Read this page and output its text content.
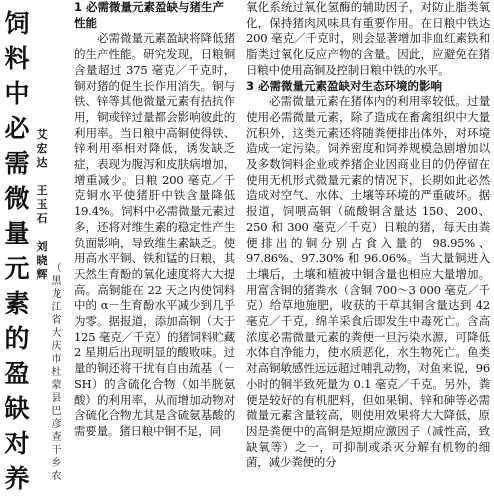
饲
料
中
必
需
微
量
元
素
的
盈
缺
对
养
艾
宏
达

王
玉
石

刘
晓
辉 （
黑
龙
江
省
大
庆
市
杜
蒙
县
巴
彦
查
干
乡
农

1 必需微量元素盈缺与猪生产性能

必需微量元素盈缺将降低猪的生产性能。研究发现，日粮铜含量超过 375 毫克／千克时，铜对猪的促生长作用消失。铜与铁、锌等其他微量元素有拮抗作用，铜或锌过量都会影响彼此的利用率。当日粮中高铜使得铁、锌利用率相对降低，诱发缺乏症，表现为腹泻和皮肤病增加，增重减少。日粮 200 毫克／千克铜水平使猪肝中铁含量降低 19.4%。饲料中必需微量元素过多，还将对维生素的稳定性产生负面影响，导致维生素缺乏。使用高水平铜、铁和锰的日粮，其天然生育酚的氧化速度将大大提高。高铜能在 22 天之内使饲料中的 α－生育酚水平减少到几乎为零。据报道，添加高铜（大于 125 毫克／千克）的猪饲料贮藏 2 星期后出现明显的酸败味。过量的铜还将干扰有自由巯基（－SH）的含硫化合物（如半胱氨酸）的利用率，从而增加动物对含硫化合物尤其是含硫氨基酸的需要量。猪日粮中铜不足，同

氧化系统过氧化氢酶的辅助因子，对防止脂类氧化，保持猪肉风味具有重要作用。在日粮中铁达 200 毫克／千克时，则会显著增加非血红素铁和脂类过氧化反应产物的含量。因此，应避免在猪日粮中使用高铜及控制日粮中铁的水平。

3 必需微量元素盈缺对生态环境的影响

必需微量元素在猪体内的利用率较低。过量使用必需微量元素，除了造成在畜禽组织中大量沉积外，这类元素还将随粪便排出体外，对环境造成一定污染。饲养密度和饲养规模急剧增加以及多数饲料企业或养猪企业因商业目的仍停留在使用无机形式微量元素的情况下，长期如此必然造成对空气、水体、土壤等环境的严重破坏。据报道，饲喂高铜（硫酸铜含量达 150、200、250 和 300 毫克／千克）日粮的猪，每天由粪便排出的铜分别占食入量的 98.95%、97.86%、97.30% 和 96.06%。当大量铜进入土壤后，土壤和植被中铜含量也相应大量增加。用富含铜的猪粪水（含铜 700～3 000 毫克／千克）给草地施肥，收获的干草其铜含量达到 42 毫克／千克，绵羊采食后即发生中毒死亡。含高浓度必需微量元素的粪便一旦污染水源，可降低水体自净能力，使水质恶化，水生物死亡。鱼类对高铜敏感性远远超过哺乳动物，对鱼来说，96 小时的铜半致死量为 0.1 毫克／千克。另外，粪便是较好的有机肥料，但如果铜、锌和砷等必需微量元素含量较高，则使用效果将大大降低，原因是粪便中的高铜是短期应激因子（减性高，致缺氧等）之一，可抑制或杀灭分解有机物的细菌，减少粪便的分
